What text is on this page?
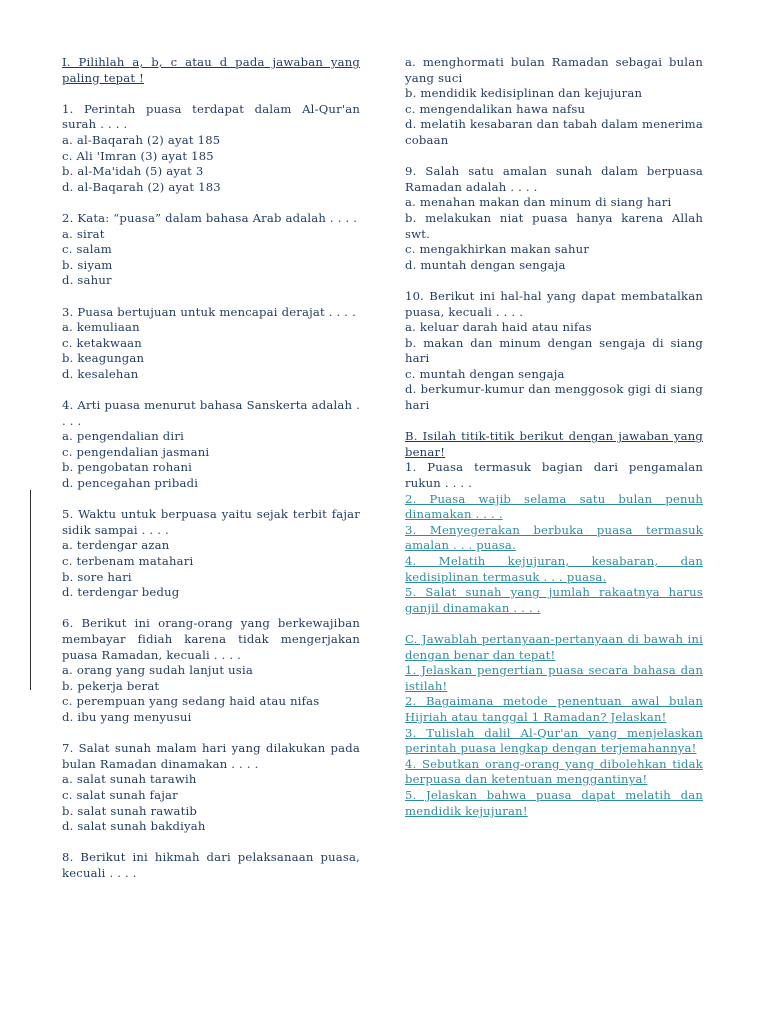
I. Pilihlah a, b, c atau d pada jawaban yang paling tepat !

1. Perintah puasa terdapat dalam Al-Qur'an surah . . . .

a. al-Baqarah (2) ayat 185

c. Ali 'Imran (3) ayat 185

b. al-Ma'idah (5) ayat 3

d. al-Baqarah (2) ayat 183

2. Kata: “puasa” dalam bahasa Arab adalah . . . .

a. sirat

c. salam

b. siyam

d. sahur

3. Puasa bertujuan untuk mencapai derajat . . . .

a. kemuliaan

c. ketakwaan

b. keagungan

d. kesalehan

4. Arti puasa menurut bahasa Sanskerta adalah . . . .

a. pengendalian diri

c. pengendalian jasmani

b. pengobatan rohani

d. pencegahan pribadi

5. Waktu untuk berpuasa yaitu sejak terbit fajar sidik sampai . . . .

a. terdengar azan

c. terbenam matahari

b. sore hari

d. terdengar bedug

6. Berikut ini orang-orang yang berkewajiban membayar fidiah karena tidak mengerjakan puasa Ramadan, kecuali . . . .

a. orang yang sudah lanjut usia

b. pekerja berat

c. perempuan yang sedang haid atau nifas

d. ibu yang menyusui

7. Salat sunah malam hari yang dilakukan pada bulan Ramadan dinamakan . . . .

a. salat sunah tarawih

c. salat sunah fajar

b. salat sunah rawatib

d. salat sunah bakdiyah

8. Berikut ini hikmah dari pelaksanaan puasa, kecuali . . . .

a. menghormati bulan Ramadan sebagai bulan yang suci

b. mendidik kedisiplinan dan kejujuran

c. mengendalikan hawa nafsu

d. melatih kesabaran dan tabah dalam menerima cobaan

9. Salah satu amalan sunah dalam berpuasa Ramadan adalah . . . .

a. menahan makan dan minum di siang hari

b. melakukan niat puasa hanya karena Allah swt.

c. mengakhirkan makan sahur

d. muntah dengan sengaja

10. Berikut ini hal-hal yang dapat membatalkan puasa, kecuali . . . .

a. keluar darah haid atau nifas

b. makan dan minum dengan sengaja di siang hari

c. muntah dengan sengaja

d. berkumur-kumur dan menggosok gigi di siang hari

B. Isilah titik-titik berikut dengan jawaban yang benar!

1. Puasa termasuk bagian dari pengamalan rukun . . . .

2. Puasa wajib selama satu bulan penuh dinamakan . . . .

3. Menyegerakan berbuka puasa termasuk amalan . . . puasa.

4. Melatih kejujuran, kesabaran, dan kedisiplinan termasuk . . . puasa.

5. Salat sunah yang jumlah rakaatnya harus ganjil dinamakan . . . .

C. Jawablah pertanyaan-pertanyaan di bawah ini dengan benar dan tepat!

1. Jelaskan pengertian puasa secara bahasa dan istilah!

2. Bagaimana metode penentuan awal bulan Hijriah atau tanggal 1 Ramadan? Jelaskan!

3. Tulislah dalil Al-Qur'an yang menjelaskan perintah puasa lengkap dengan terjemahannya!

4. Sebutkan orang-orang yang dibolehkan tidak berpuasa dan ketentuan menggantinya!

5. Jelaskan bahwa puasa dapat melatih dan mendidik kejujuran!
